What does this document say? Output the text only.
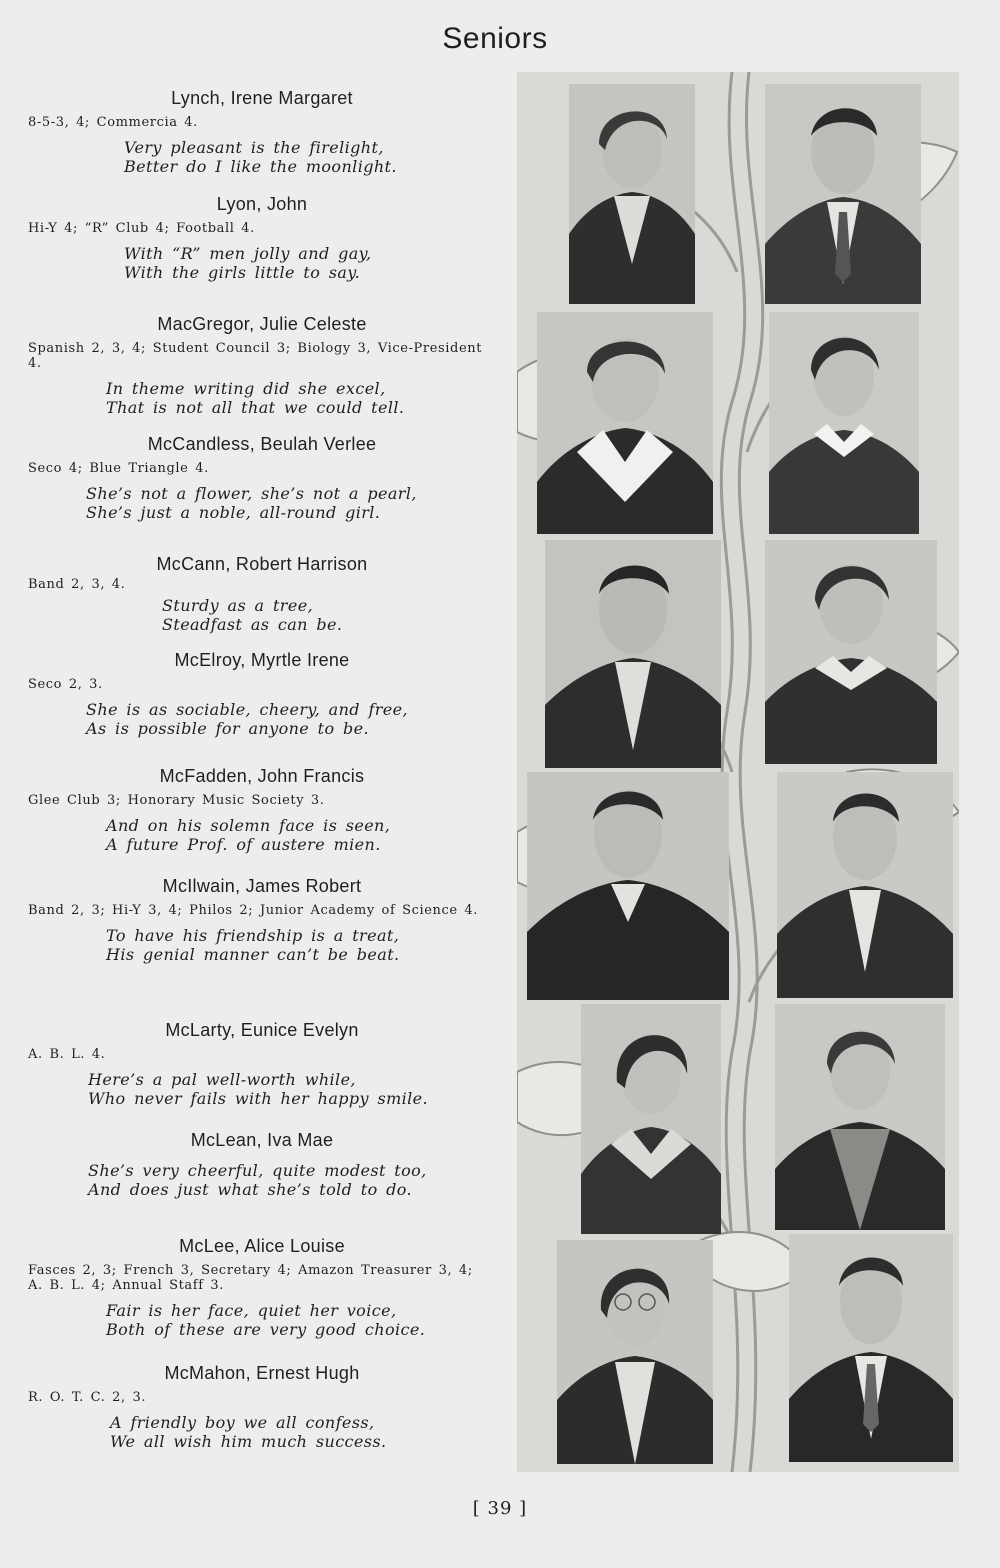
Seniors
Lynch, Irene Margaret
8-5-3, 4; Commercia 4.
Very pleasant is the firelight,
Better do I like the moonlight.
Lyon, John
Hi-Y 4; “R” Club 4; Football 4.
With “R” men jolly and gay,
With the girls little to say.
MacGregor, Julie Celeste
Spanish 2, 3, 4; Student Council 3; Biology 3, Vice-President 4.
In theme writing did she excel,
That is not all that we could tell.
McCandless, Beulah Verlee
Seco 4; Blue Triangle 4.
She’s not a flower, she’s not a pearl,
She’s just a noble, all-round girl.
McCann, Robert Harrison
Band 2, 3, 4.
Sturdy as a tree,
Steadfast as can be.
McElroy, Myrtle Irene
Seco 2, 3.
She is as sociable, cheery, and free,
As is possible for anyone to be.
McFadden, John Francis
Glee Club 3; Honorary Music Society 3.
And on his solemn face is seen,
A future Prof. of austere mien.
McIlwain, James Robert
Band 2, 3; Hi-Y 3, 4; Philos 2; Junior Academy of Science 4.
To have his friendship is a treat,
His genial manner can’t be beat.
McLarty, Eunice Evelyn
A. B. L. 4.
Here’s a pal well-worth while,
Who never fails with her happy smile.
McLean, Iva Mae
She’s very cheerful, quite modest too,
And does just what she’s told to do.
McLee, Alice Louise
Fasces 2, 3; French 3, Secretary 4; Amazon Treasurer 3, 4; A. B. L. 4; Annual Staff 3.
Fair is her face, quiet her voice,
Both of these are very good choice.
McMahon, Ernest Hugh
R. O. T. C. 2, 3.
A friendly boy we all confess,
We all wish him much success.
[ 39 ]
